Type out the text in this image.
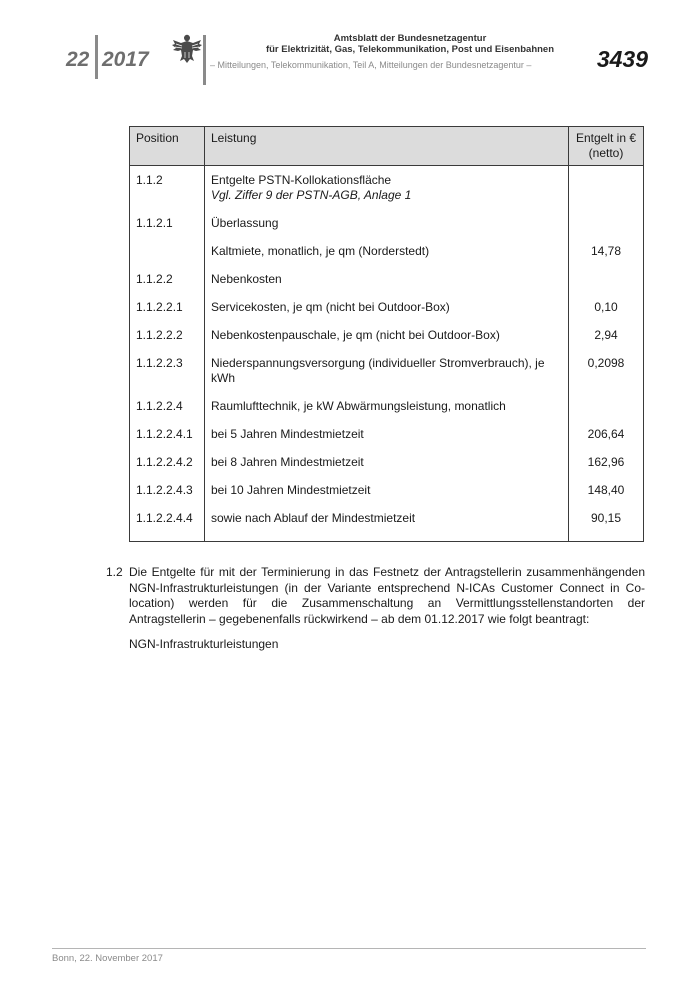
22 2017
Amtsblatt der Bundesnetzagentur
für Elektrizität, Gas, Telekommunikation, Post und Eisenbahnen
– Mitteilungen, Telekommunikation, Teil A, Mitteilungen der Bundesnetzagentur –	3439
Position	Leistung	Entgelt in € (netto)
1.1.2	Entgelte PSTN-Kollokationsfläche
Vgl. Ziffer 9 der PSTN-AGB, Anlage 1	

1.1.2.1	Überlassung	
	Kaltmiete, monatlich, je qm (Norderstedt)	14,78
1.1.2.2	Nebenkosten	
1.1.2.2.1	Servicekosten, je qm (nicht bei Outdoor-Box)	0,10
1.1.2.2.2	Nebenkostenpauschale, je qm (nicht bei Outdoor-Box)	2,94
1.1.2.2.3	Niederspannungsversorgung (individueller Stromverbrauch), je kWh	0,2098
1.1.2.2.4	Raumlufttechnik, je kW Abwärmungsleistung, monatlich	
1.1.2.2.4.1	bei 5 Jahren Mindestmietzeit	206,64
1.1.2.2.4.2	bei 8 Jahren Mindestmietzeit	162,96
1.1.2.2.4.3	bei 10 Jahren Mindestmietzeit	148,40
1.1.2.2.4.4	sowie nach Ablauf der Mindestmietzeit	90,15
1.2 Die Entgelte für mit der Terminierung in das Festnetz der Antragstellerin zusammenhängenden NGN-Infrastrukturleistungen (in der Variante entsprechend N-ICAs Customer Connect in Co-location) werden für die Zusammenschaltung an Vermittlungsstellenstandorten der Antragstellerin – gegebenenfalls rückwirkend – ab dem 01.12.2017 wie folgt beantragt:
NGN-Infrastrukturleistungen
Bonn, 22. November 2017
